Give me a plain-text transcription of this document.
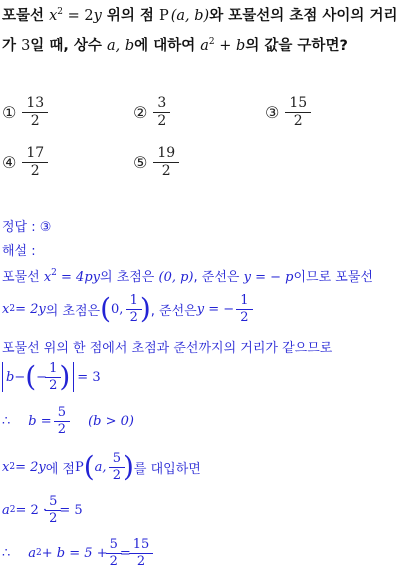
포물선 $x^2 = 2y$ 위의 점 P (a, b)와 포물선의 초점 사이의 거리
가 3일 때, 상수 a, b에 대하여 $a^2 + b$의 값을 구하면?
① $\frac{13}{2}$	② $\frac{3}{2}$	③ $\frac{15}{2}$
④ $\frac{17}{2}$	⑤ $\frac{19}{2}$
정답 : ③
해설 :
포물선 $x^2 = 4py$의 초점은 (0, p), 준선은 y = − p이므로 포물선
x 2 = 2y 의 초점은 ( 0,
$\frac{1}{2}$ ) , 준선은 y = −
$\frac{1}{2}$
포물선 위의 한 점에서 초점과 준선까지의 거리가 같으므로
b − ( − $\frac{1}{2}$ ) = 3
∴ b =
$\frac{5}{2} (b > 0)$
x 2 = 2y 에 점 P ( a,
$\frac{5}{2}$ ) 를 대입하면
a $2 = 2 \cdot \frac{5}{2} = 5$
∴ a $2 + b = 5 + \frac{5}{2} = \frac{15}{2}$
